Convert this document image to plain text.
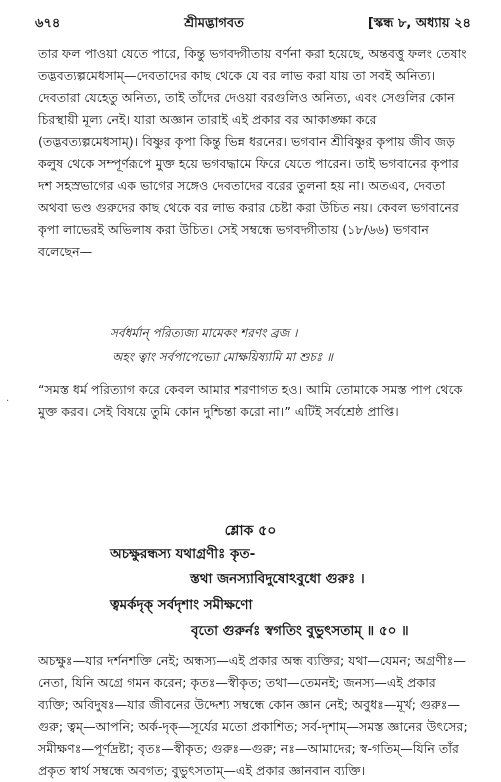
৬৭৪	শ্রীমদ্ভাগবত	[স্কন্ধ ৮, অধ্যায় ২৪

তার ফল পাওয়া যেতে পারে, কিন্তু ভগবদ্গীতায় বর্ণনা করা হয়েছে, অন্তবত্তু ফলং তেষাং তদ্ভবত্যল্পমেধসাম্—দেবতাদের কাছ থেকে যে বর লাভ করা যায় তা সবই অনিত্য। দেবতারা যেহেতু অনিত্য, তাই তাঁদের দেওয়া বরগুলিও অনিত্য, এবং সেগুলির কোন চিরস্থায়ী মূল্য নেই। যারা অজ্ঞান তারাই এই প্রকার বর আকাঙ্ক্ষা করে (তদ্ভবত্যল্পমেধসাম্)। বিষ্ণুর কৃপা কিন্তু ভিন্ন ধরনের। ভগবান শ্রীবিষ্ণুর কৃপায় জীব জড় কলুষ থেকে সম্পূর্ণরূপে মুক্ত হয়ে ভগবদ্ধামে ফিরে যেতে পারেন। তাই ভগবানের কৃপার দশ সহস্রভাগের এক ভাগের সঙ্গেও দেবতাদের বরের তুলনা হয় না। অতএব, দেবতা অথবা ভণ্ড গুরুদের কাছ থেকে বর লাভ করার চেষ্টা করা উচিত নয়। কেবল ভগবানের কৃপা লাভেরই অভিলাষ করা উচিত। সেই সম্বন্ধে ভগবদ্গীতায় (১৮/৬৬) ভগবান বলেছেন—

সর্বধর্মান্ পরিত্যজ্য মামেকং শরণং ব্রজ ।
অহং ত্বাং সর্বপাপেভ্যো মোক্ষয়িষ্যামি মা শুচঃ ॥

“সমস্ত ধর্ম পরিত্যাগ করে কেবল আমার শরণাগত হও। আমি তোমাকে সমস্ত পাপ থেকে মুক্ত করব। সেই বিষয়ে তুমি কোন দুশ্চিন্তা করো না।” এটিই সর্বশ্রেষ্ঠ প্রাপ্তি।

·
শ্লোক ৫০
অচক্ষুরন্ধস্য যথাগ্রণীঃ কৃত-
স্তথা জনস্যাবিদুষোঽবুধো গুরুঃ ।
ত্বমর্কদৃক্ সর্বদৃশাং সমীক্ষণো
বৃতো গুরুর্নঃ স্বগতিং বুভুৎসতাম্ ॥ ৫০ ॥

অচক্ষুঃ—যার দর্শনশক্তি নেই; অন্ধস্য—এই প্রকার অন্ধ ব্যক্তির; যথা—যেমন; অগ্রণীঃ—নেতা, যিনি অগ্রে গমন করেন; কৃতঃ—স্বীকৃত; তথা—তেমনই; জনস্য—এই প্রকার ব্যক্তি; অবিদুষঃ—যার জীবনের উদ্দেশ্য সম্বন্ধে কোন জ্ঞান নেই; অবুধঃ—মূর্খ; গুরুঃ—গুরু; ত্বম্—আপনি; অর্ক-দৃক্—সূর্যের মতো প্রকাশিত; সর্ব-দৃশাম্—সমস্ত জ্ঞানের উৎসের; সমীক্ষণঃ—পূর্ণদ্রষ্টা; বৃতঃ—স্বীকৃত; গুরুঃ—গুরু; নঃ—আমাদের; স্ব-গতিম্—যিনি তাঁর প্রকৃত স্বার্থ সম্বন্ধে অবগত; বুভুৎসতাম্—এই প্রকার জ্ঞানবান ব্যক্তি।
